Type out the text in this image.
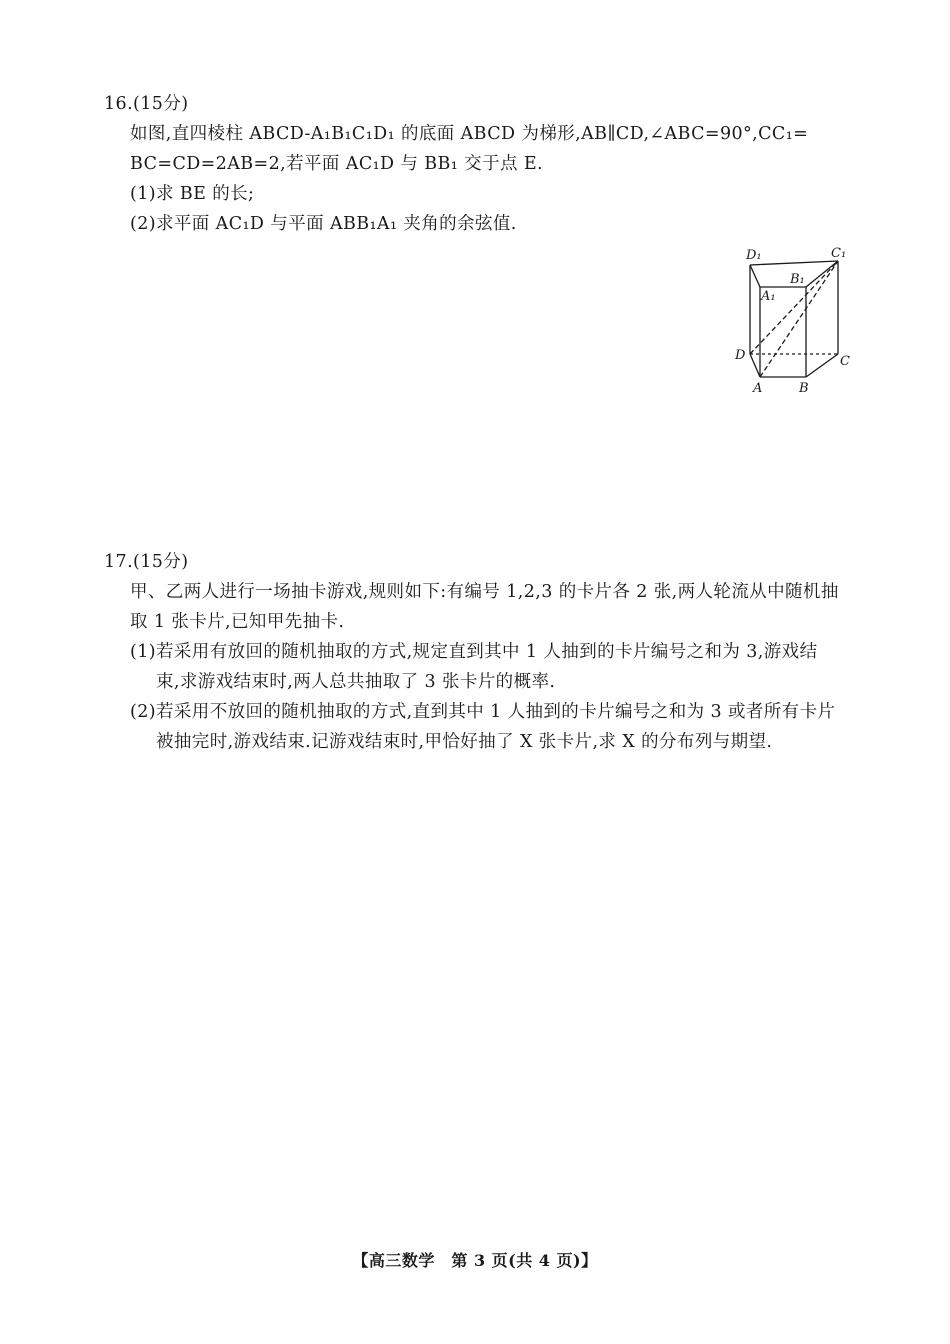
16.(15分)
如图,直四棱柱 ABCD-A₁B₁C₁D₁ 的底面 ABCD 为梯形,AB∥CD,∠ABC=90°,CC₁=
BC=CD=2AB=2,若平面 AC₁D 与 BB₁ 交于点 E.
(1)求 BE 的长;
(2)求平面 AC₁D 与平面 ABB₁A₁ 夹角的余弦值.
D₁	C₁
B₁
A₁
D	C
A	B
17.(15分)
甲、乙两人进行一场抽卡游戏,规则如下:有编号 1,2,3 的卡片各 2 张,两人轮流从中随机抽
取 1 张卡片,已知甲先抽卡.
(1)若采用有放回的随机抽取的方式,规定直到其中 1 人抽到的卡片编号之和为 3,游戏结
束,求游戏结束时,两人总共抽取了 3 张卡片的概率.
(2)若采用不放回的随机抽取的方式,直到其中 1 人抽到的卡片编号之和为 3 或者所有卡片
被抽完时,游戏结束.记游戏结束时,甲恰好抽了 X 张卡片,求 X 的分布列与期望.
【高三数学　第 3 页(共 4 页)】
